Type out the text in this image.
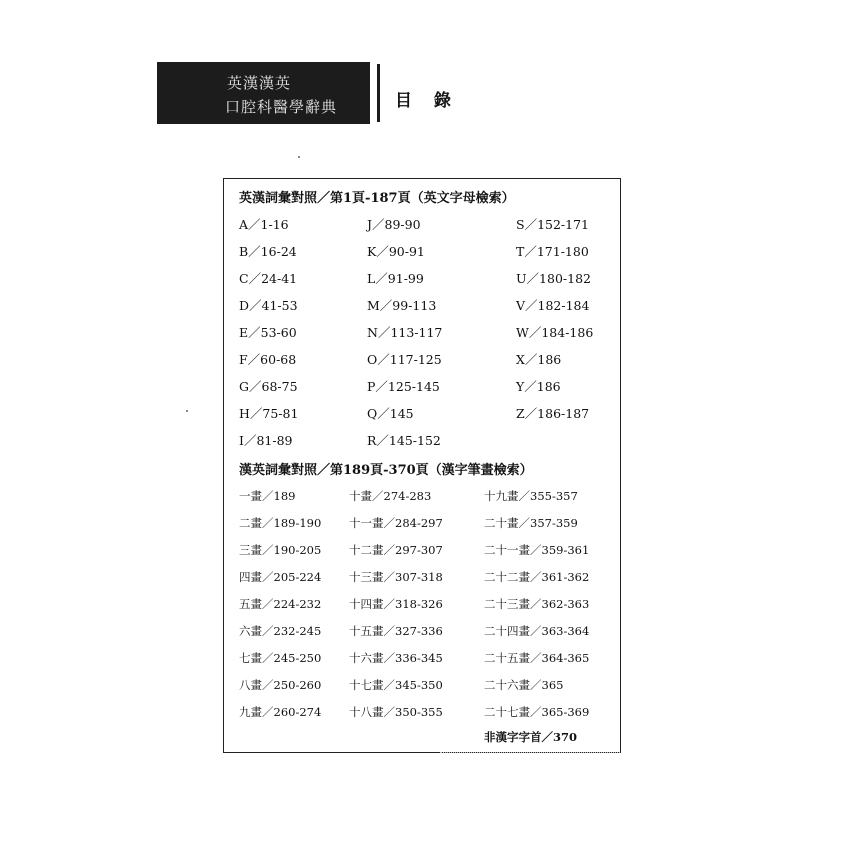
英漢漢英
口腔科醫學辭典	目 錄
英漢詞彙對照／第1頁-187頁（英文字母檢索）
A／1-16
B／16-24
C／24-41
D／41-53
E／53-60
F／60-68
G／68-75
H／75-81
I／81-89
J／89-90
K／90-91
L／91-99
M／99-113
N／113-117
O／117-125
P／125-145
Q／145
R／145-152
S／152-171
T／171-180
U／180-182
V／182-184
W／184-186
X／186
Y／186
Z／186-187
漢英詞彙對照／第189頁-370頁（漢字筆畫檢索）
一畫／189
二畫／189-190
三畫／190-205
四畫／205-224
五畫／224-232
六畫／232-245
七畫／245-250
八畫／250-260
九畫／260-274
十畫／274-283
十一畫／284-297
十二畫／297-307
十三畫／307-318
十四畫／318-326
十五畫／327-336
十六畫／336-345
十七畫／345-350
十八畫／350-355
十九畫／355-357
二十畫／357-359
二十一畫／359-361
二十二畫／361-362
二十三畫／362-363
二十四畫／363-364
二十五畫／364-365
二十六畫／365
二十七畫／365-369
非漢字字首／370
